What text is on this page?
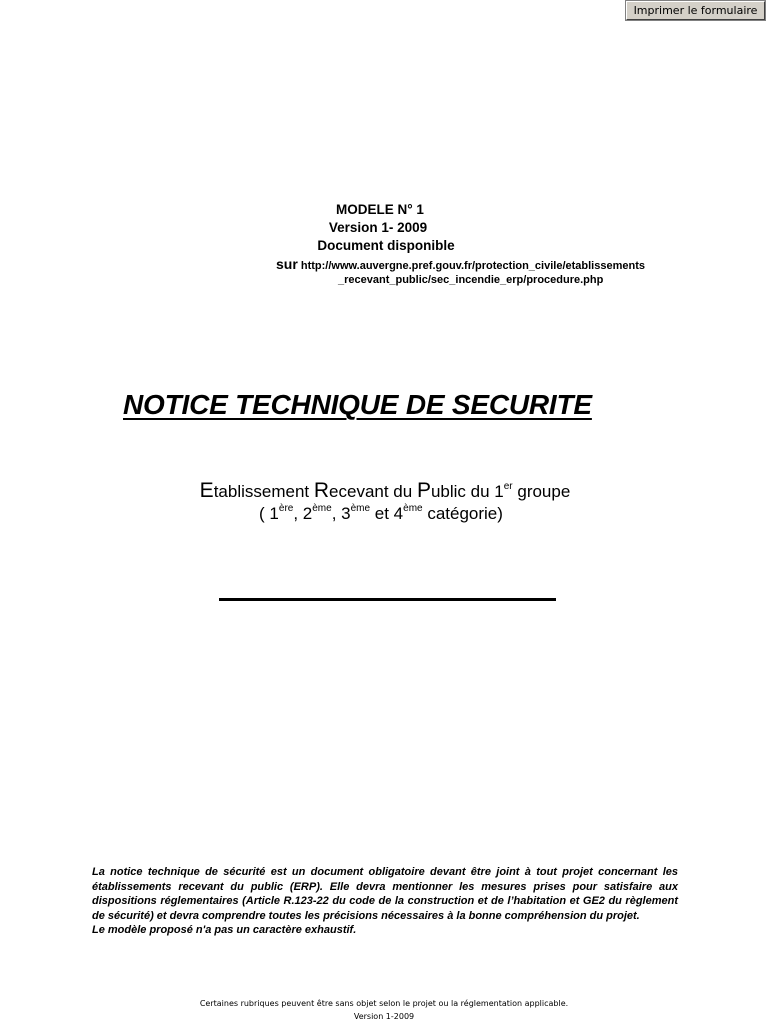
Imprimer le formulaire
MODELE N° 1
Version 1- 2009
Document disponible
sur http://www.auvergne.pref.gouv.fr/protection_civile/etablissements
_recevant_public/sec_incendie_erp/procedure.php
NOTICE TECHNIQUE DE SECURITE
Etablissement Recevant du Public du 1er groupe
( 1ère, 2ème, 3ème et 4ème catégorie)

La notice technique de sécurité est un document obligatoire devant être joint à tout projet concernant les établissements recevant du public (ERP). Elle devra mentionner les mesures prises pour satisfaire aux dispositions réglementaires (Article R.123-22 du code de la construction et de l’habitation et GE2 du règlement de sécurité) et devra comprendre toutes les précisions nécessaires à la bonne compréhension du projet.

Le modèle proposé n'a pas un caractère exhaustif.

Certaines rubriques peuvent être sans objet selon le projet ou la réglementation applicable.
Version 1-2009
